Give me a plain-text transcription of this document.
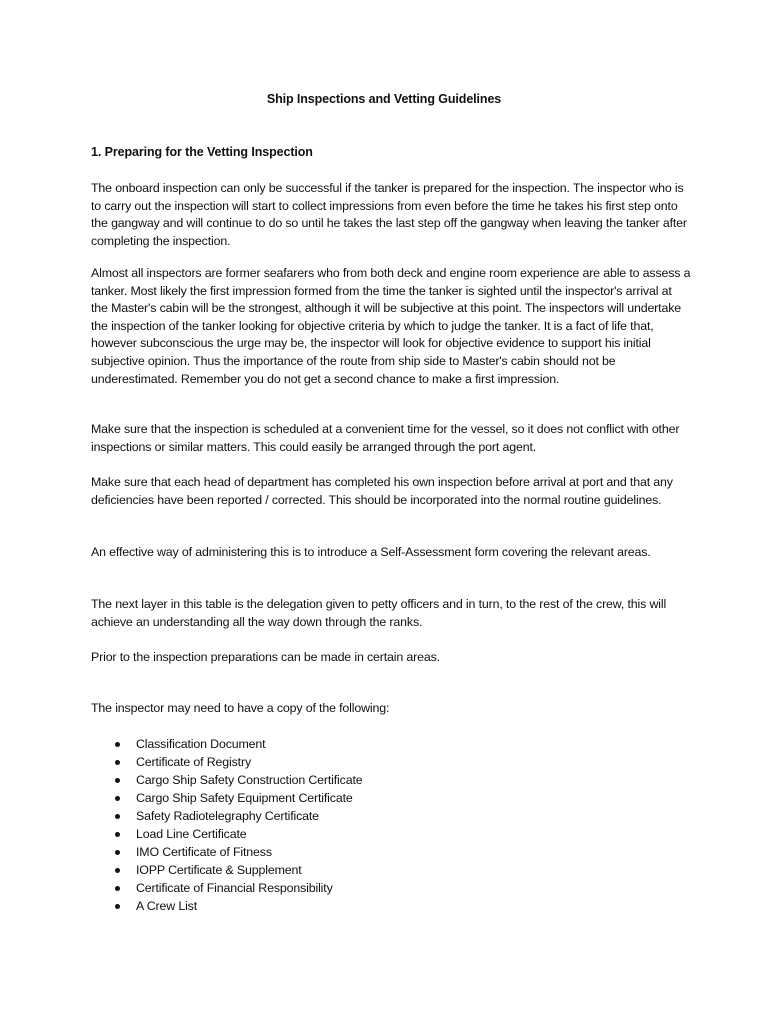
Ship Inspections and Vetting Guidelines
1. Preparing for the Vetting Inspection

The onboard inspection can only be successful if the tanker is prepared for the inspection. The inspector who is to carry out the inspection will start to collect impressions from even before the time he takes his first step onto the gangway and will continue to do so until he takes the last step off the gangway when leaving the tanker after completing the inspection.

Almost all inspectors are former seafarers who from both deck and engine room experience are able to assess a tanker. Most likely the first impression formed from the time the tanker is sighted until the inspector's arrival at the Master's cabin will be the strongest, although it will be subjective at this point. The inspectors will undertake the inspection of the tanker looking for objective criteria by which to judge the tanker. It is a fact of life that, however subconscious the urge may be, the inspector will look for objective evidence to support his initial subjective opinion. Thus the importance of the route from ship side to Master's cabin should not be underestimated. Remember you do not get a second chance to make a first impression.

Make sure that the inspection is scheduled at a convenient time for the vessel, so it does not conflict with other inspections or similar matters. This could easily be arranged through the port agent.

Make sure that each head of department has completed his own inspection before arrival at port and that any deficiencies have been reported / corrected. This should be incorporated into the normal routine guidelines.

An effective way of administering this is to introduce a Self-Assessment form covering the relevant areas.

The next layer in this table is the delegation given to petty officers and in turn, to the rest of the crew, this will achieve an understanding all the way down through the ranks.

Prior to the inspection preparations can be made in certain areas.

The inspector may need to have a copy of the following:

Classification Document
Certificate of Registry
Cargo Ship Safety Construction Certificate
Cargo Ship Safety Equipment Certificate
Safety Radiotelegraphy Certificate
Load Line Certificate
IMO Certificate of Fitness
IOPP Certificate & Supplement
Certificate of Financial Responsibility
A Crew List
